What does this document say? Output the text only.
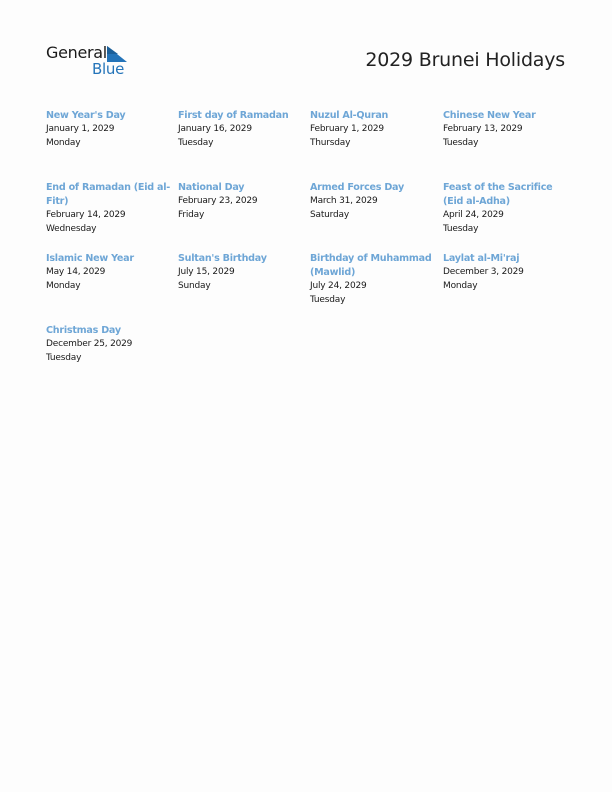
General
Blue	2029 Brunei Holidays
New Year's Day
January 1, 2029
Monday
First day of Ramadan
January 16, 2029
Tuesday
Nuzul Al-Quran
February 1, 2029
Thursday
Chinese New Year
February 13, 2029
Tuesday
End of Ramadan (Eid al-Fitr)
February 14, 2029
Wednesday
National Day
February 23, 2029
Friday
Armed Forces Day
March 31, 2029
Saturday
Feast of the Sacrifice (Eid al-Adha)
April 24, 2029
Tuesday
Islamic New Year
May 14, 2029
Monday
Sultan's Birthday
July 15, 2029
Sunday
Birthday of Muhammad (Mawlid)
July 24, 2029
Tuesday
Laylat al-Mi'raj
December 3, 2029
Monday
Christmas Day
December 25, 2029
Tuesday
